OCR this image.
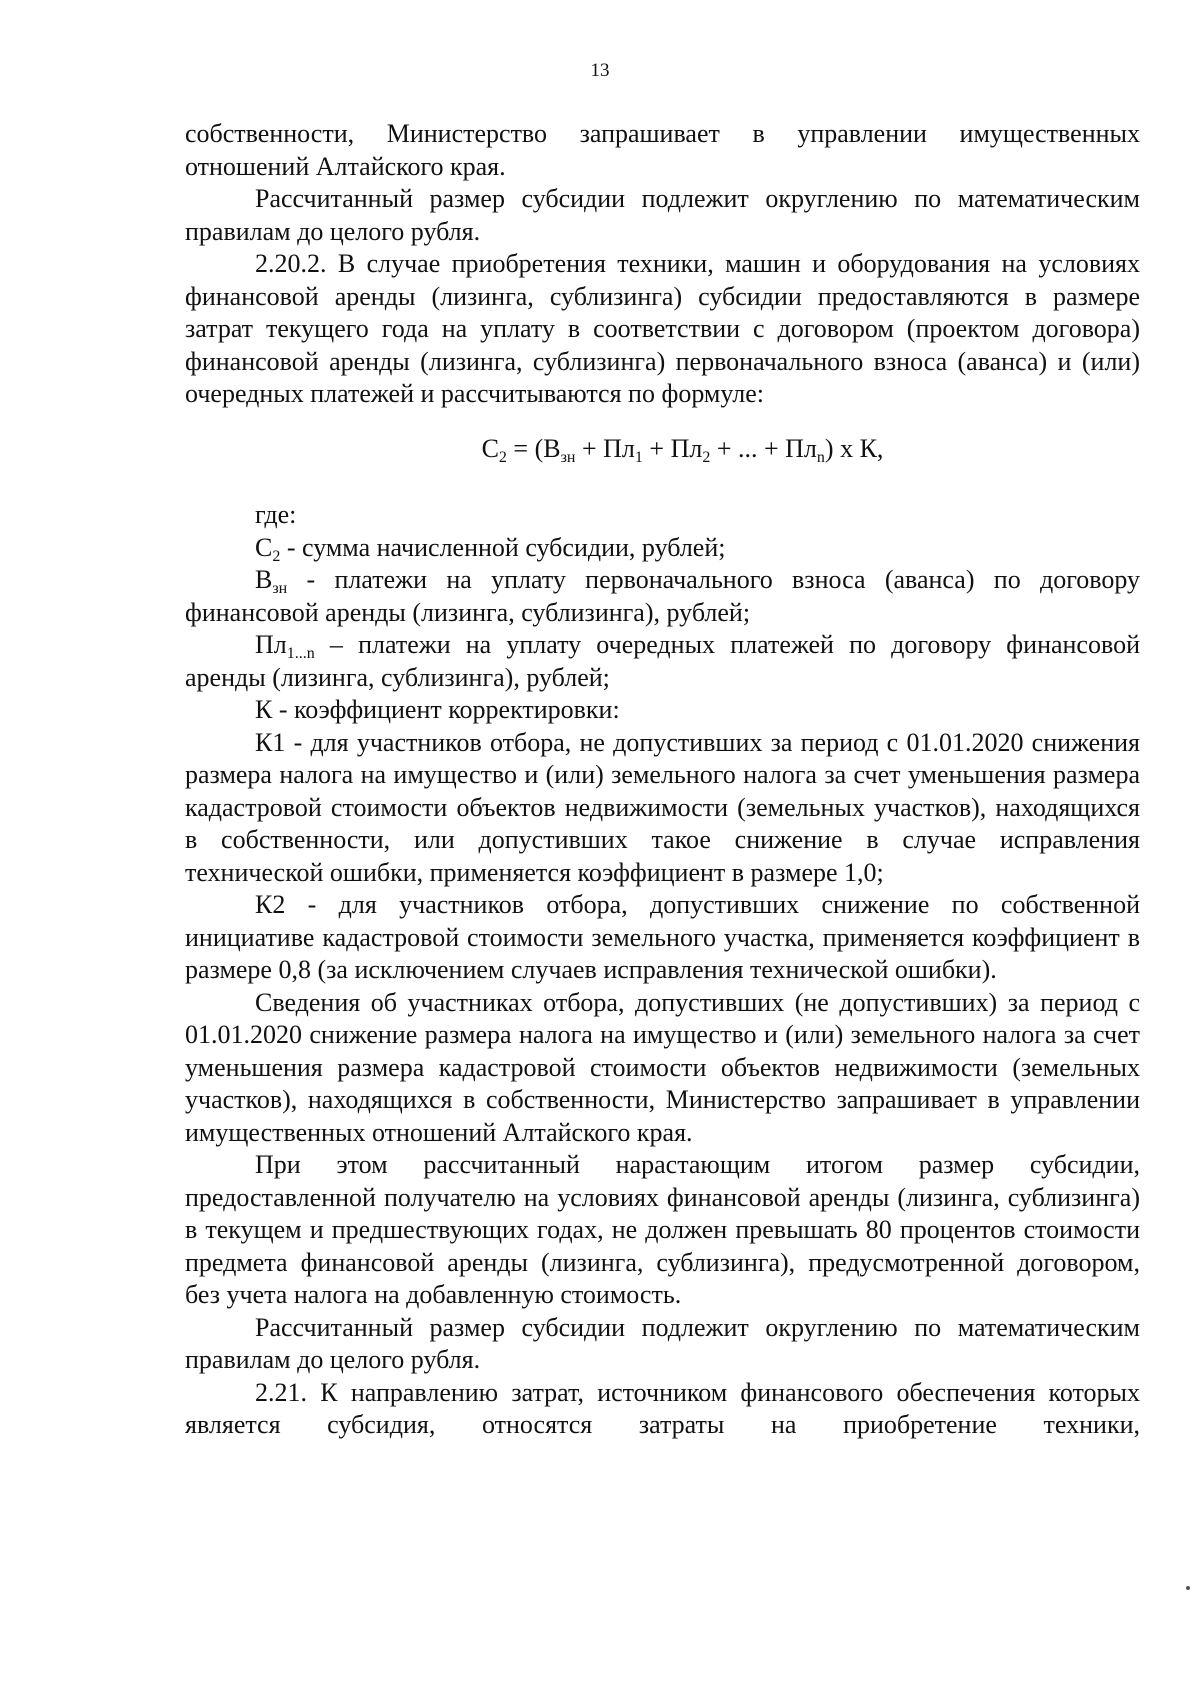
13

собственности, Министерство запрашивает в управлении имущественных отношений Алтайского края.

Рассчитанный размер субсидии подлежит округлению по математическим правилам до целого рубля.

2.20.2. В случае приобретения техники, машин и оборудования на условиях финансовой аренды (лизинга, сублизинга) субсидии предоставляются в размере затрат текущего года на уплату в соответствии с договором (проектом договора) финансовой аренды (лизинга, сублизинга) первоначального взноса (аванса) и (или) очередных платежей и рассчитываются по формуле:

$С_2 = (В_{зн} + Пл_1 + Пл_2$ + ... + $Пл_n$) х К,

где:

$С_2$ - сумма начисленной субсидии, рублей;

$В_{зн}$ - платежи на уплату первоначального взноса (аванса) по договору финансовой аренды (лизинга, сублизинга), рублей;

$Пл_{1...n}$ – платежи на уплату очередных платежей по договору финансовой аренды (лизинга, сублизинга), рублей;

К - коэффициент корректировки:

К1 - для участников отбора, не допустивших за период с 01.01.2020 снижения размера налога на имущество и (или) земельного налога за счет уменьшения размера кадастровой стоимости объектов недвижимости (земельных участков), находящихся в собственности, или допустивших такое снижение в случае исправления технической ошибки, применяется коэффициент в размере 1,0;

К2 - для участников отбора, допустивших снижение по собственной инициативе кадастровой стоимости земельного участка, применяется коэффициент в размере 0,8 (за исключением случаев исправления технической ошибки).

Сведения об участниках отбора, допустивших (не допустивших) за период с 01.01.2020 снижение размера налога на имущество и (или) земельного налога за счет уменьшения размера кадастровой стоимости объектов недвижимости (земельных участков), находящихся в собственности, Министерство запрашивает в управлении имущественных отношений Алтайского края.

При этом рассчитанный нарастающим итогом размер субсидии, предоставленной получателю на условиях финансовой аренды (лизинга, сублизинга) в текущем и предшествующих годах, не должен превышать 80 процентов стоимости предмета финансовой аренды (лизинга, сублизинга), предусмотренной договором, без учета налога на добавленную стоимость.

Рассчитанный размер субсидии подлежит округлению по математическим правилам до целого рубля.

2.21. К направлению затрат, источником финансового обеспечения которых является субсидия, относятся затраты на приобретение техники,
